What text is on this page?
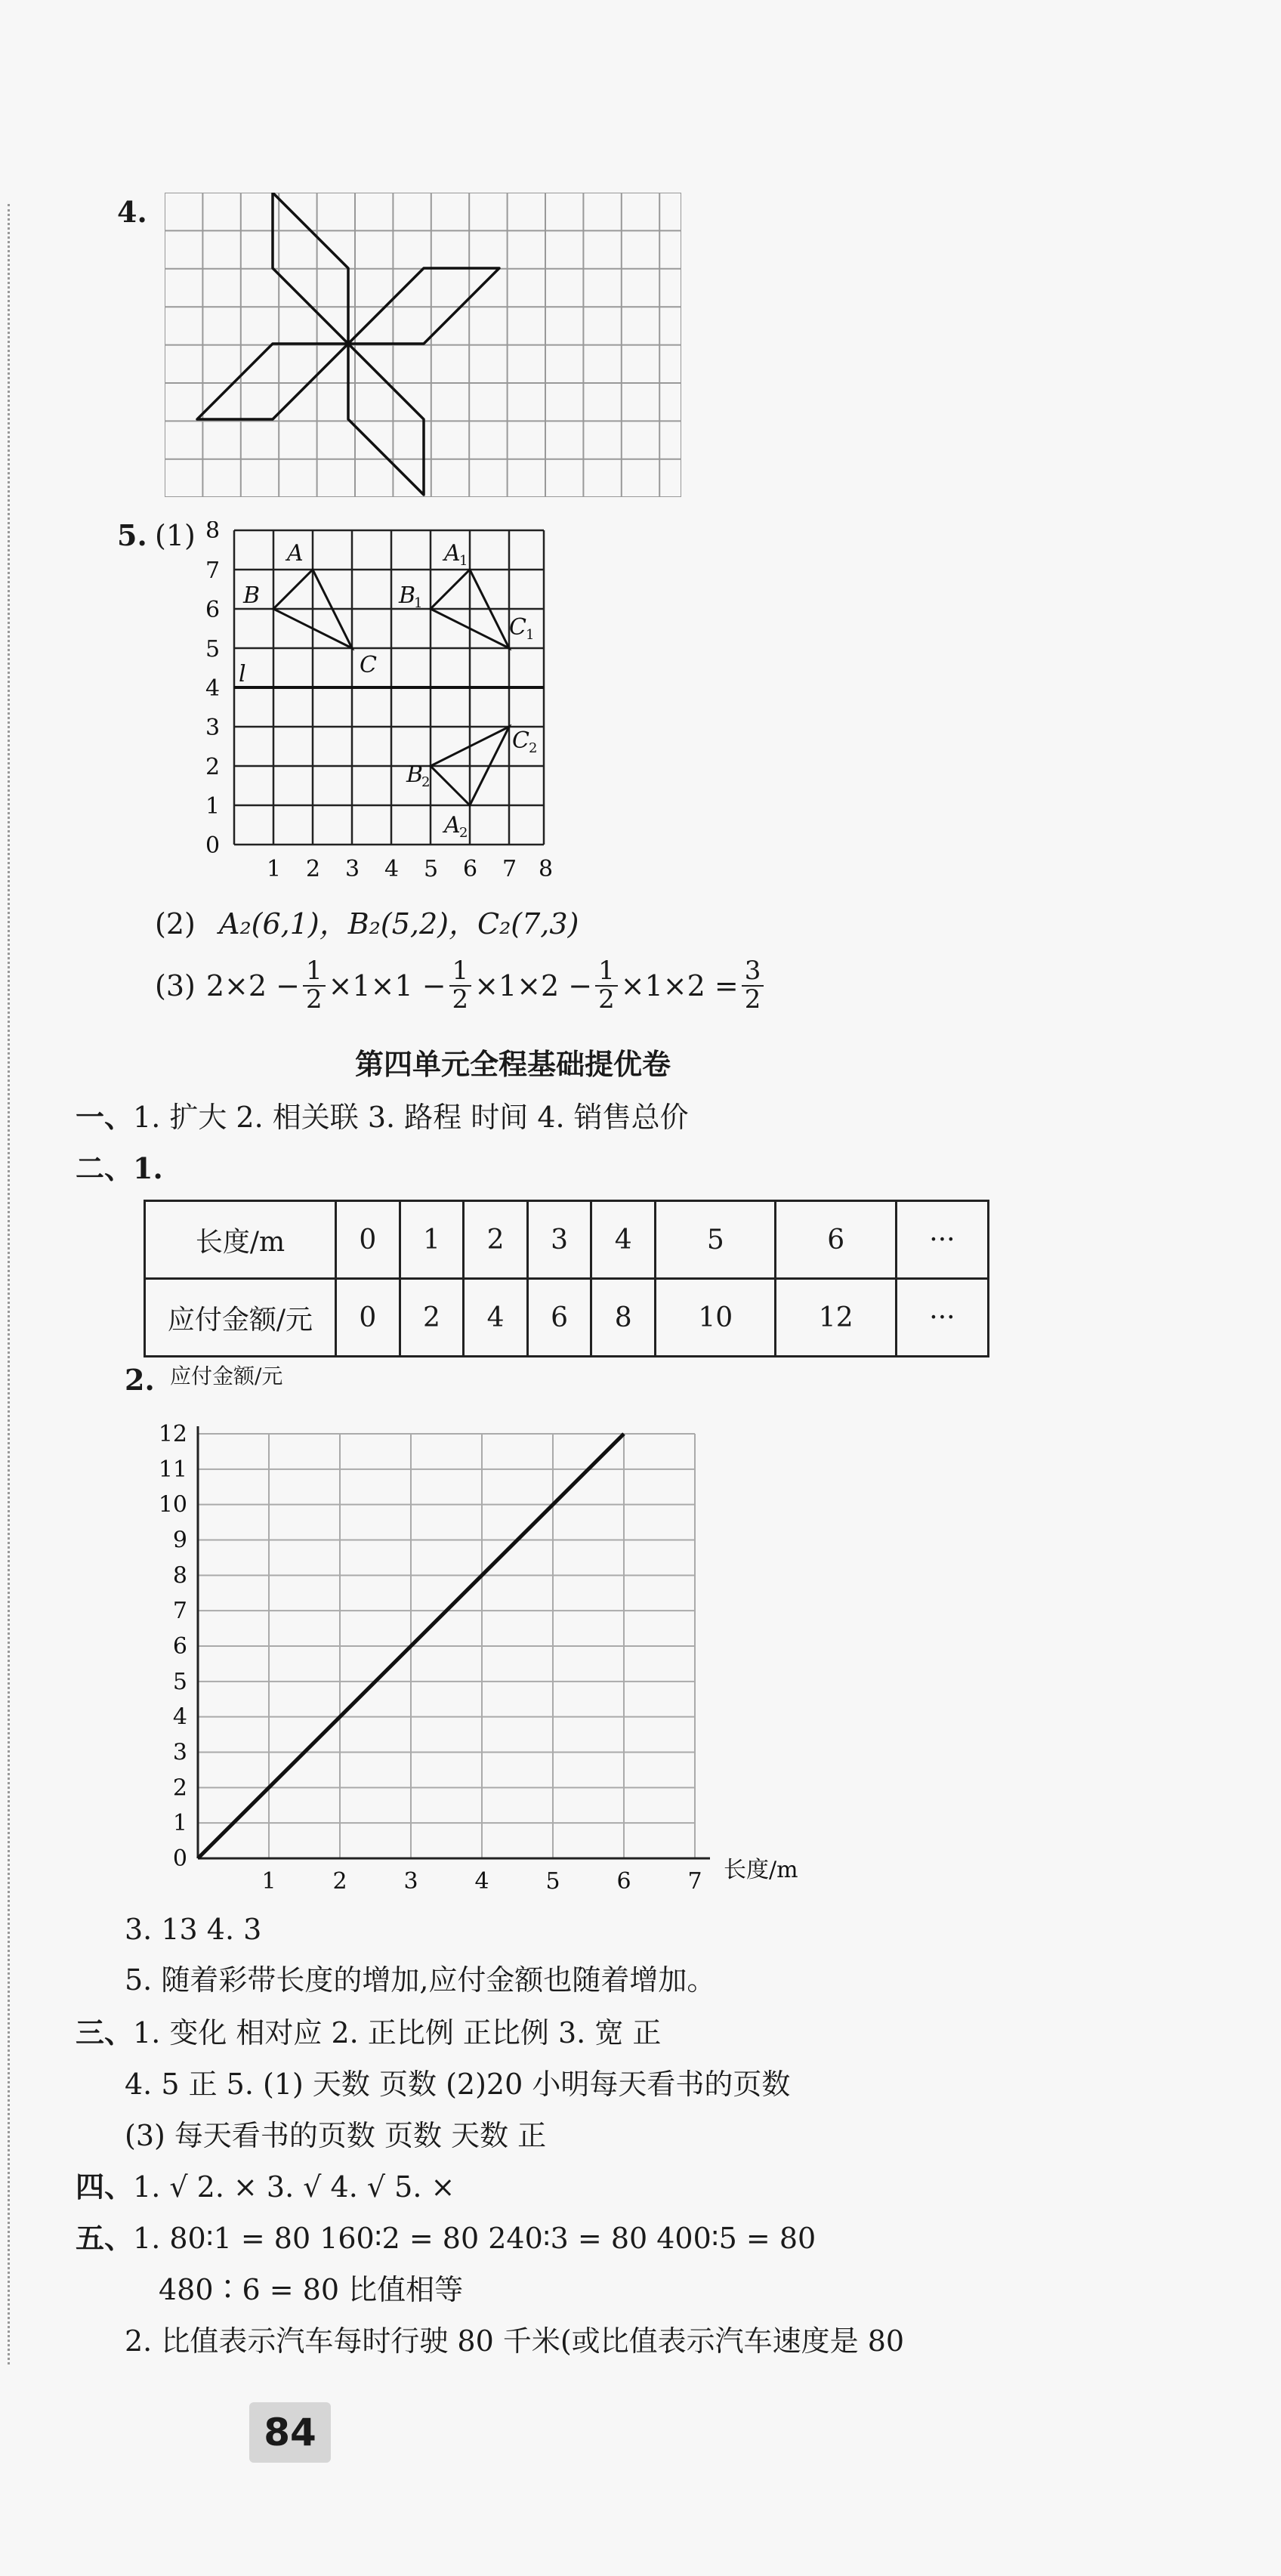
4.
5. (1) 8
7
6
5
4
3
2
1
0
1 2 3 4 5 6 7 8
l
A
B
C
A
B
C
C
B
A
1
1
1
2
2
2
(2) A₂(6,1)，B₂(5,2)，C₂(7,3)
(3) $2\times 2 - \frac{1}{2} \times 1\times 1 - \frac{1}{2} \times 1\times 2 - \frac{1}{2} \times 1\times 2 = \frac{3}{2}$
第四单元全程基础提优卷
一、1. 扩大 2. 相关联 3. 路程 时间 4. 销售总价
二、1.
长度/m	0	1	2	3	4	5	6	···
应付金额/元	0	2	4	6	8	10	12	···
2. 应付金额/元
0
1
2
3
4
5
6
7
8
9
10
11
12
1 2 3 4 5 6 7 长度/m
3. 13 4. 3
5. 随着彩带长度的增加,应付金额也随着增加。
三、1. 变化 相对应 2. 正比例 正比例 3. 宽 正
4. 5 正 5. (1) 天数 页数 (2)20 小明每天看书的页数
(3) 每天看书的页数 页数 天数 正
四、1. √ 2. × 3. √ 4. √ 5. ×
五、1. 80∶1 = 80 160∶2 = 80 240∶3 = 80 400∶5 = 80
480∶6 = 80 比值相等
2. 比值表示汽车每时行驶 80 千米(或比值表示汽车速度是 80
84
